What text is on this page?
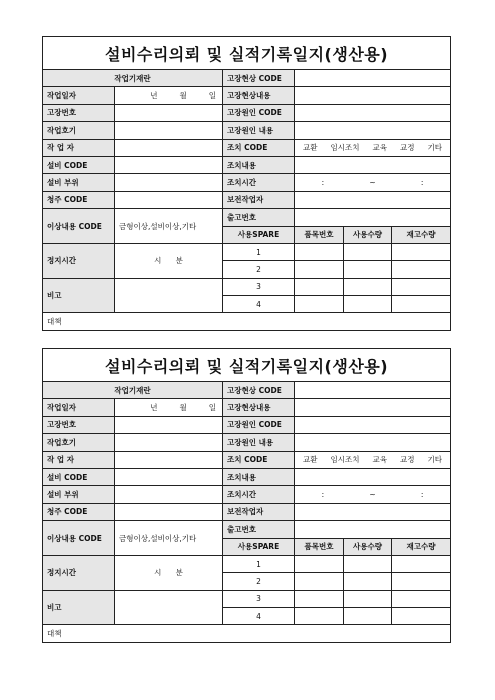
설비수리의뢰 및 실적기록일지(생산용)					
작업기재란		고장현상 CODE			
작업일자	년 월 일	고장현상내용			
고장번호		고장원인 CODE			
작업호기		고장원인 내용			
작 업 자		조치 CODE	교환 임시조치 교육 교정 기타		

설비 CODE		조치내용			
설비 부위		조치시간	: ~ :		

청주 CODE		보전작업자			
이상내용 CODE	금형이상,설비이상,기타	출고번호			
		사용SPARE	품목번호	사용수량	재고수량
정지시간	시 분	1			
		2			
비고		3			
		4			
대책					
설비수리의뢰 및 실적기록일지(생산용)					
작업기재란		고장현상 CODE			
작업일자	년 월 일	고장현상내용			
고장번호		고장원인 CODE			
작업호기		고장원인 내용			
작 업 자		조치 CODE	교환 임시조치 교육 교정 기타		

설비 CODE		조치내용			
설비 부위		조치시간	: ~ :		

청주 CODE		보전작업자			
이상내용 CODE	금형이상,설비이상,기타	출고번호			
		사용SPARE	품목번호	사용수량	재고수량
정지시간	시 분	1			
		2			
비고		3			
		4			
대책					
